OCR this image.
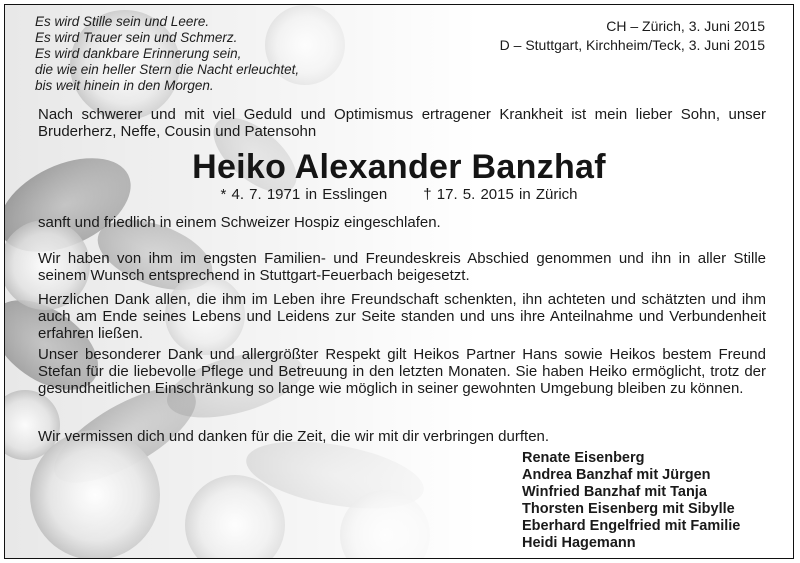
Es wird Stille sein und Leere.
Es wird Trauer sein und Schmerz.
Es wird dankbare Erinnerung sein,
die wie ein heller Stern die Nacht erleuchtet,
bis weit hinein in den Morgen.
CH – Zürich, 3. Juni 2015
D – Stuttgart, Kirchheim/Teck, 3. Juni 2015
Nach schwerer und mit viel Geduld und Optimismus ertragener Krankheit ist mein lieber Sohn, unser Bruderherz, Neffe, Cousin und Patensohn
Heiko Alexander Banzhaf
* 4. 7. 1971 in Esslingen † 17. 5. 2015 in Zürich
sanft und friedlich in einem Schweizer Hospiz eingeschlafen.
Wir haben von ihm im engsten Familien- und Freundeskreis Abschied genommen und ihn in aller Stille seinem Wunsch entsprechend in Stuttgart-Feuerbach beigesetzt.
Herzlichen Dank allen, die ihm im Leben ihre Freundschaft schenkten, ihn achteten und schätzten und ihm auch am Ende seines Lebens und Leidens zur Seite standen und uns ihre Anteilnahme und Verbundenheit erfahren ließen.
Unser besonderer Dank und allergrößter Respekt gilt Heikos Partner Hans sowie Heikos bestem Freund Stefan für die liebevolle Pflege und Betreuung in den letzten Monaten. Sie haben Heiko ermöglicht, trotz der gesundheitlichen Einschränkung so lange wie möglich in seiner gewohnten Umgebung bleiben zu können.
Wir vermissen dich und danken für die Zeit, die wir mit dir verbringen durften.
Renate Eisenberg
Andrea Banzhaf mit Jürgen
Winfried Banzhaf mit Tanja
Thorsten Eisenberg mit Sibylle
Eberhard Engelfried mit Familie
Heidi Hagemann
